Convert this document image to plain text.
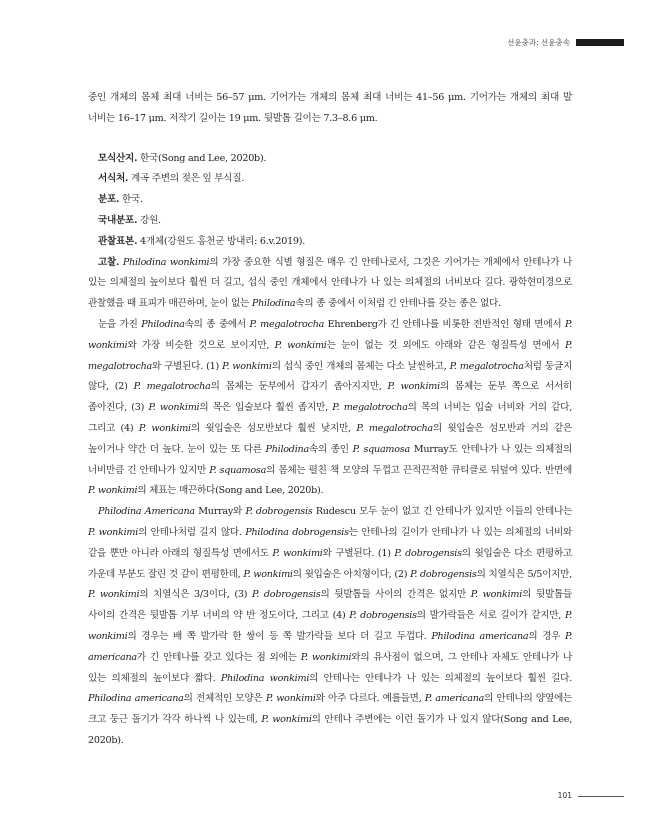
선윤충과: 선윤충속

중인 개체의 몸체 최대 너비는 56–57 μm. 기어가는 개체의 몸체 최대 너비는 41–56 μm. 기어가는 개체의 최대 발 너비는 16–17 μm. 저작기 길이는 19 μm. 뒷발톱 길이는 7.3–8.6 μm.

모식산지. 한국(Song and Lee, 2020b).

서식처. 계곡 주변의 젖은 잎 부식질.

분포. 한국.

국내분포. 강원.

관찰표본. 4개체(강원도 홍천군 방내리: 6.v.2019).

고찰. Philodina wonkimi의 가장 중요한 식별 형질은 매우 긴 안테나로서, 그것은 기어가는 개체에서 안테나가 나 있는 의체절의 높이보다 훨씬 더 길고, 섭식 중인 개체에서 안테나가 나 있는 의체절의 너비보다 길다. 광학현미경으로 관찰했을 때 표피가 매끈하며, 눈이 없는 Philodina속의 종 중에서 이처럼 긴 안테나를 갖는 종은 없다.

눈을 가진 Philodina속의 종 중에서 P. megalotrocha Ehrenberg가 긴 안테나를 비롯한 전반적인 형태 면에서 P. wonkimi와 가장 비슷한 것으로 보이지만, P. wonkimi는 눈이 없는 것 외에도 아래와 같은 형질특성 면에서 P. megalotrocha와 구별된다. (1) P. wonkimi의 섭식 중인 개체의 몸체는 다소 날씬하고, P. megalotrocha처럼 둥글지 않다, (2) P. megalotrocha의 몸체는 둔부에서 갑자기 좁아지지만, P. wonkimi의 몸체는 둔부 쪽으로 서서히 좁아진다, (3) P. wonkimi의 목은 입술보다 훨씬 좁지만, P. megalotrocha의 목의 너비는 입술 너비와 거의 같다, 그리고 (4) P. wonkimi의 윗입술은 섬모반보다 훨씬 낮지만, P. megalotrocha의 윗입술은 섬모반과 거의 같은 높이거나 약간 더 높다. 눈이 있는 또 다른 Philodina속의 종인 P. squamosa Murray도 안테나가 나 있는 의체절의 너비만큼 긴 안테나가 있지만 P. squamosa의 몸체는 펼친 책 모양의 두껍고 끈적끈적한 큐티클로 뒤덮여 있다. 반면에 P. wonkimi의 체표는 매끈하다(Song and Lee, 2020b).

Philodina Americana Murray와 P. dobrogensis Rudescu 모두 눈이 없고 긴 안테나가 있지만 이들의 안테나는 P. wonkimi의 안테나처럼 길지 않다. Philodina dobrogensis는 안테나의 길이가 안테나가 나 있는 의체절의 너비와 같을 뿐만 아니라 아래의 형질특성 면에서도 P. wonkimi와 구별된다. (1) P. dobrogensis의 윗입술은 다소 편평하고 가운데 부분도 잘린 것 같이 편평한데, P. wonkimi의 윗입술은 아치형이다, (2) P. dobrogensis의 치열식은 5/5이지만, P. wonkimi의 치열식은 3/3이다, (3) P. dobrogensis의 뒷발톱들 사이의 간격은 없지만 P. wonkimi의 뒷발톱들 사이의 간격은 뒷발톱 기부 너비의 약 반 정도이다, 그리고 (4) P. dobrogensis의 발가락들은 서로 길이가 같지만, P. wonkimi의 경우는 배 쪽 발가락 한 쌍이 등 쪽 발가락들 보다 더 길고 두껍다. Philodina americana의 경우 P. americana가 긴 안테나를 갖고 있다는 점 외에는 P. wonkimi와의 유사점이 없으며, 그 안테나 자체도 안테나가 나 있는 의체절의 높이보다 짧다. Philodina wonkimi의 안테나는 안테나가 나 있는 의체절의 높이보다 훨씬 길다. Philodina americana의 전체적인 모양은 P. wonkimi와 아주 다르다. 예를들면, P. americana의 안테나의 양옆에는 크고 둥근 돌기가 각각 하나씩 나 있는데, P. wonkimi의 안테나 주변에는 이런 돌기가 나 있지 않다(Song and Lee, 2020b).

101
